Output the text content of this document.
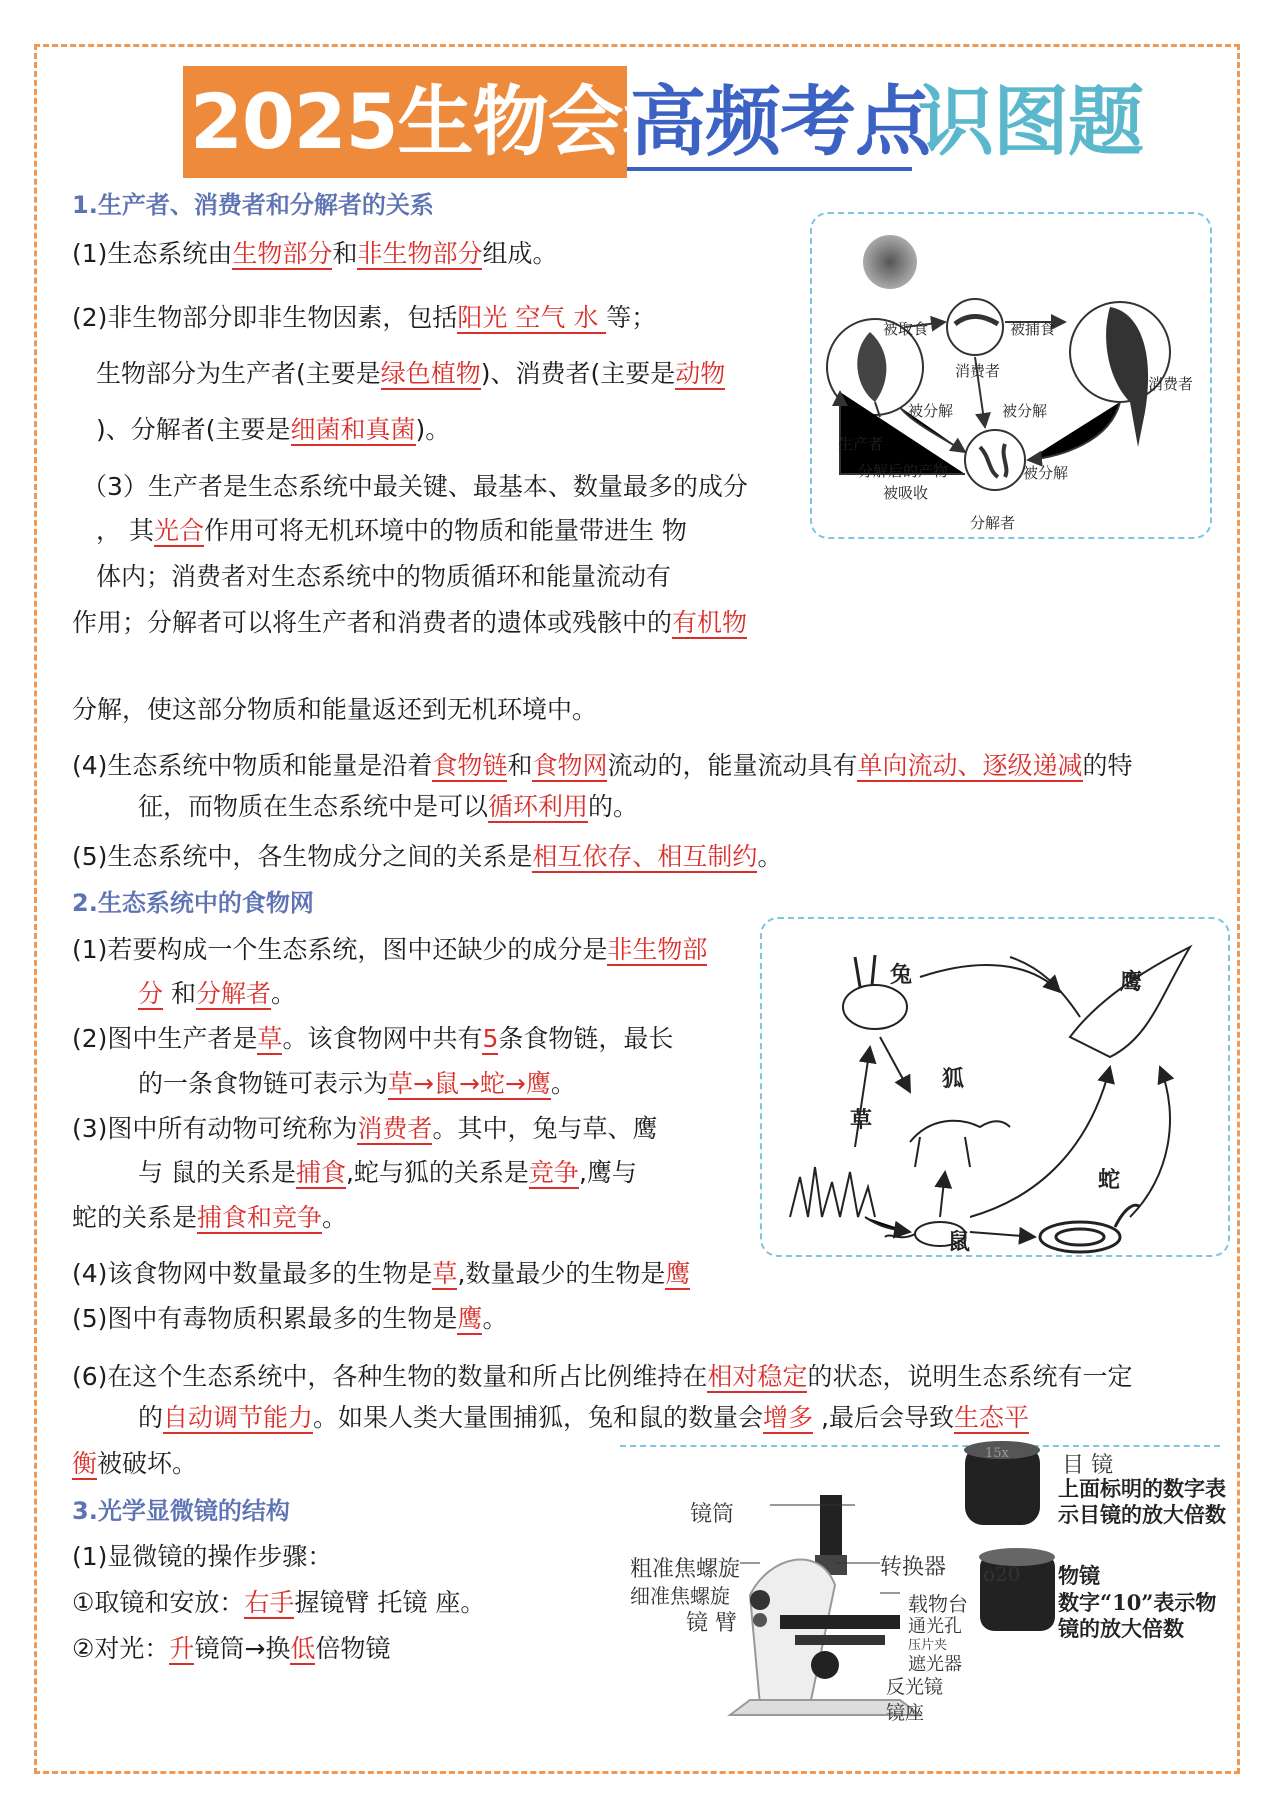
2025生物会考
高频考点
识图题
1.生产者、消费者和分解者的关系
(1)生态系统由生物部分和非生物部分组成。
(2)非生物部分即非生物因素，包括阳光 空气 水 等；
生物部分为生产者(主要是绿色植物)、消费者(主要是动物
)、分解者(主要是细菌和真菌)。
（3）生产者是生态系统中最关键、最基本、数量最多的成分
， 其光合作用可将无机环境中的物质和能量带进生 物
体内；消费者对生态系统中的物质循环和能量流动有
作用；分解者可以将生产者和消费者的遗体或残骸中的有机物
分解，使这部分物质和能量返还到无机环境中。
(4)生态系统中物质和能量是沿着食物链和食物网流动的，能量流动具有单向流动、逐级递减的特
征，而物质在生态系统中是可以循环利用的。
(5)生态系统中，各生物成分之间的关系是相互依存、相互制约。
2.生态系统中的食物网
(1)若要构成一个生态系统，图中还缺少的成分是非生物部
分 和分解者。
(2)图中生产者是草。该食物网中共有5条食物链，最长
的一条食物链可表示为草→鼠→蛇→鹰。
(3)图中所有动物可统称为消费者。其中，兔与草、鹰
与 鼠的关系是捕食,蛇与狐的关系是竞争,鹰与
蛇的关系是捕食和竞争。
(4)该食物网中数量最多的生物是草,数量最少的生物是鹰
(5)图中有毒物质积累最多的生物是鹰。
(6)在这个生态系统中，各种生物的数量和所占比例维持在相对稳定的状态，说明生态系统有一定
的自动调节能力。如果人类大量围捕狐，兔和鼠的数量会增多 ,最后会导致生态平
衡被破坏。
3.光学显微镜的结构
(1)显微镜的操作步骤：
①取镜和安放：右手握镜臂 托镜 座。
②对光：升镜筒→换低倍物镜
被取食	被捕食
消费者
消费者
被分解	被分解
被分解
生产者
分解后的产物
被吸收
分解者
兔	鹰
狐
草
蛇
鼠
镜筒
粗准焦螺旋
细准焦螺旋
镜 臂
转换器
载物台
通光孔
压片夹
遮光器
反光镜
镜座
15x
o20
目 镜
上面标明的数字表示目镜的放大倍数
物镜
数字“10”表示物镜的放大倍数
